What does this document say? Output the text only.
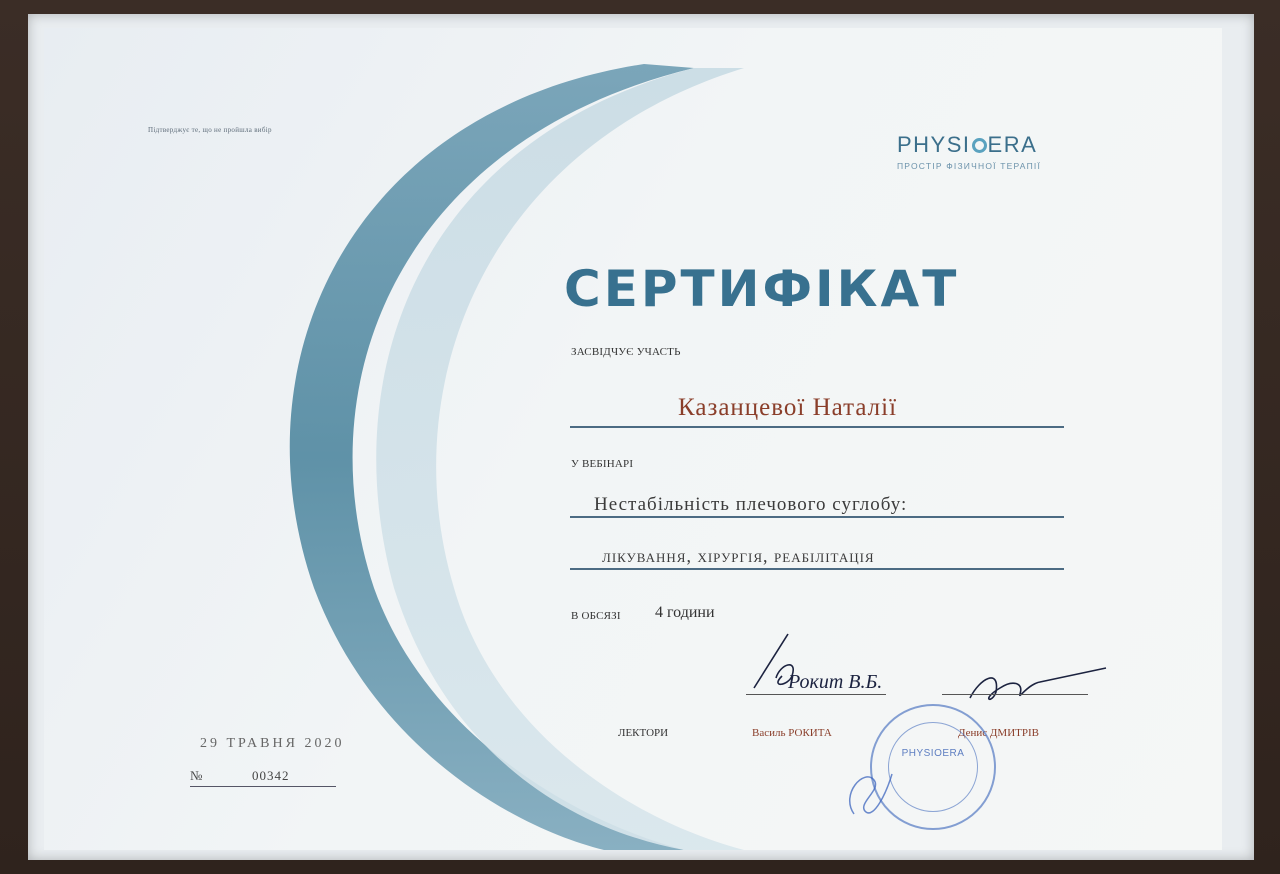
Підтверджує те, що не пройшла вибір
PHYSI ERA
ПРОСТІР ФІЗИЧНОЇ ТЕРАПІЇ
СЕРТИФІКАТ
ЗАСВІДЧУЄ УЧАСТЬ
Казанцевої Наталії
У ВЕБІНАРІ
Нестабільність плечового суглобу:
лікування, хірургія, реабілітація
В ОБСЯЗІ 4 години
Рокит В.Б.
ЛЕКТОРИ	Василь РОКИТА	Денис ДМИТРІВ
PHYSIOERA
29 ТРАВНЯ 2020
№	00342
